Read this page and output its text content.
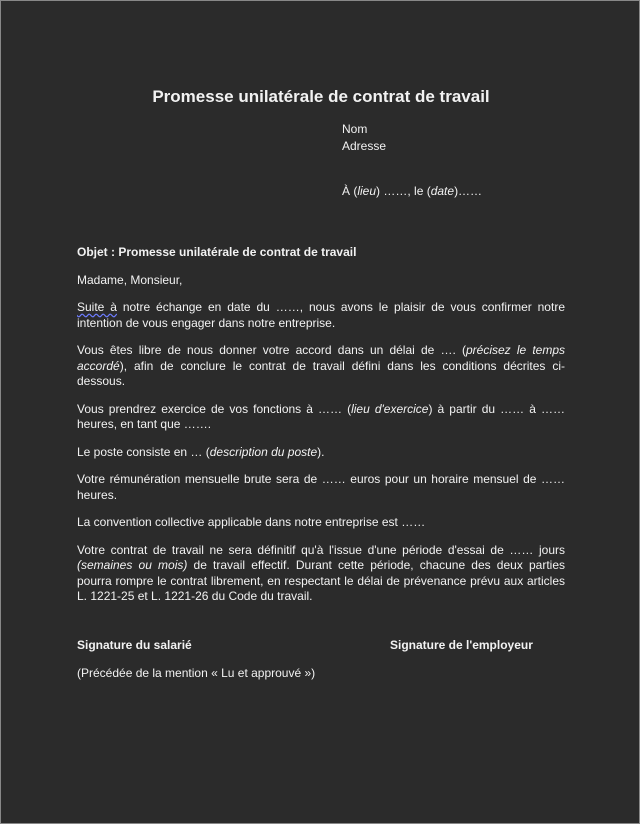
Promesse unilatérale de contrat de travail
Nom
Adresse
À (lieu) ……, le (date)……

Objet : Promesse unilatérale de contrat de travail

Madame, Monsieur,

Suite à notre échange en date du ……, nous avons le plaisir de vous confirmer notre intention de vous engager dans notre entreprise.

Vous êtes libre de nous donner votre accord dans un délai de …. (précisez le temps accordé), afin de conclure le contrat de travail défini dans les conditions décrites ci-dessous.

Vous prendrez exercice de vos fonctions à …… (lieu d'exercice) à partir du …… à …… heures, en tant que …….

Le poste consiste en … (description du poste).

Votre rémunération mensuelle brute sera de …… euros pour un horaire mensuel de …… heures.

La convention collective applicable dans notre entreprise est ……

Votre contrat de travail ne sera définitif qu'à l'issue d'une période d'essai de …… jours (semaines ou mois) de travail effectif. Durant cette période, chacune des deux parties pourra rompre le contrat librement, en respectant le délai de prévenance prévu aux articles L. 1221-25 et L. 1221-26 du Code du travail.

Signature du salarié	Signature de l'employeur
(Précédée de la mention « Lu et approuvé »)
